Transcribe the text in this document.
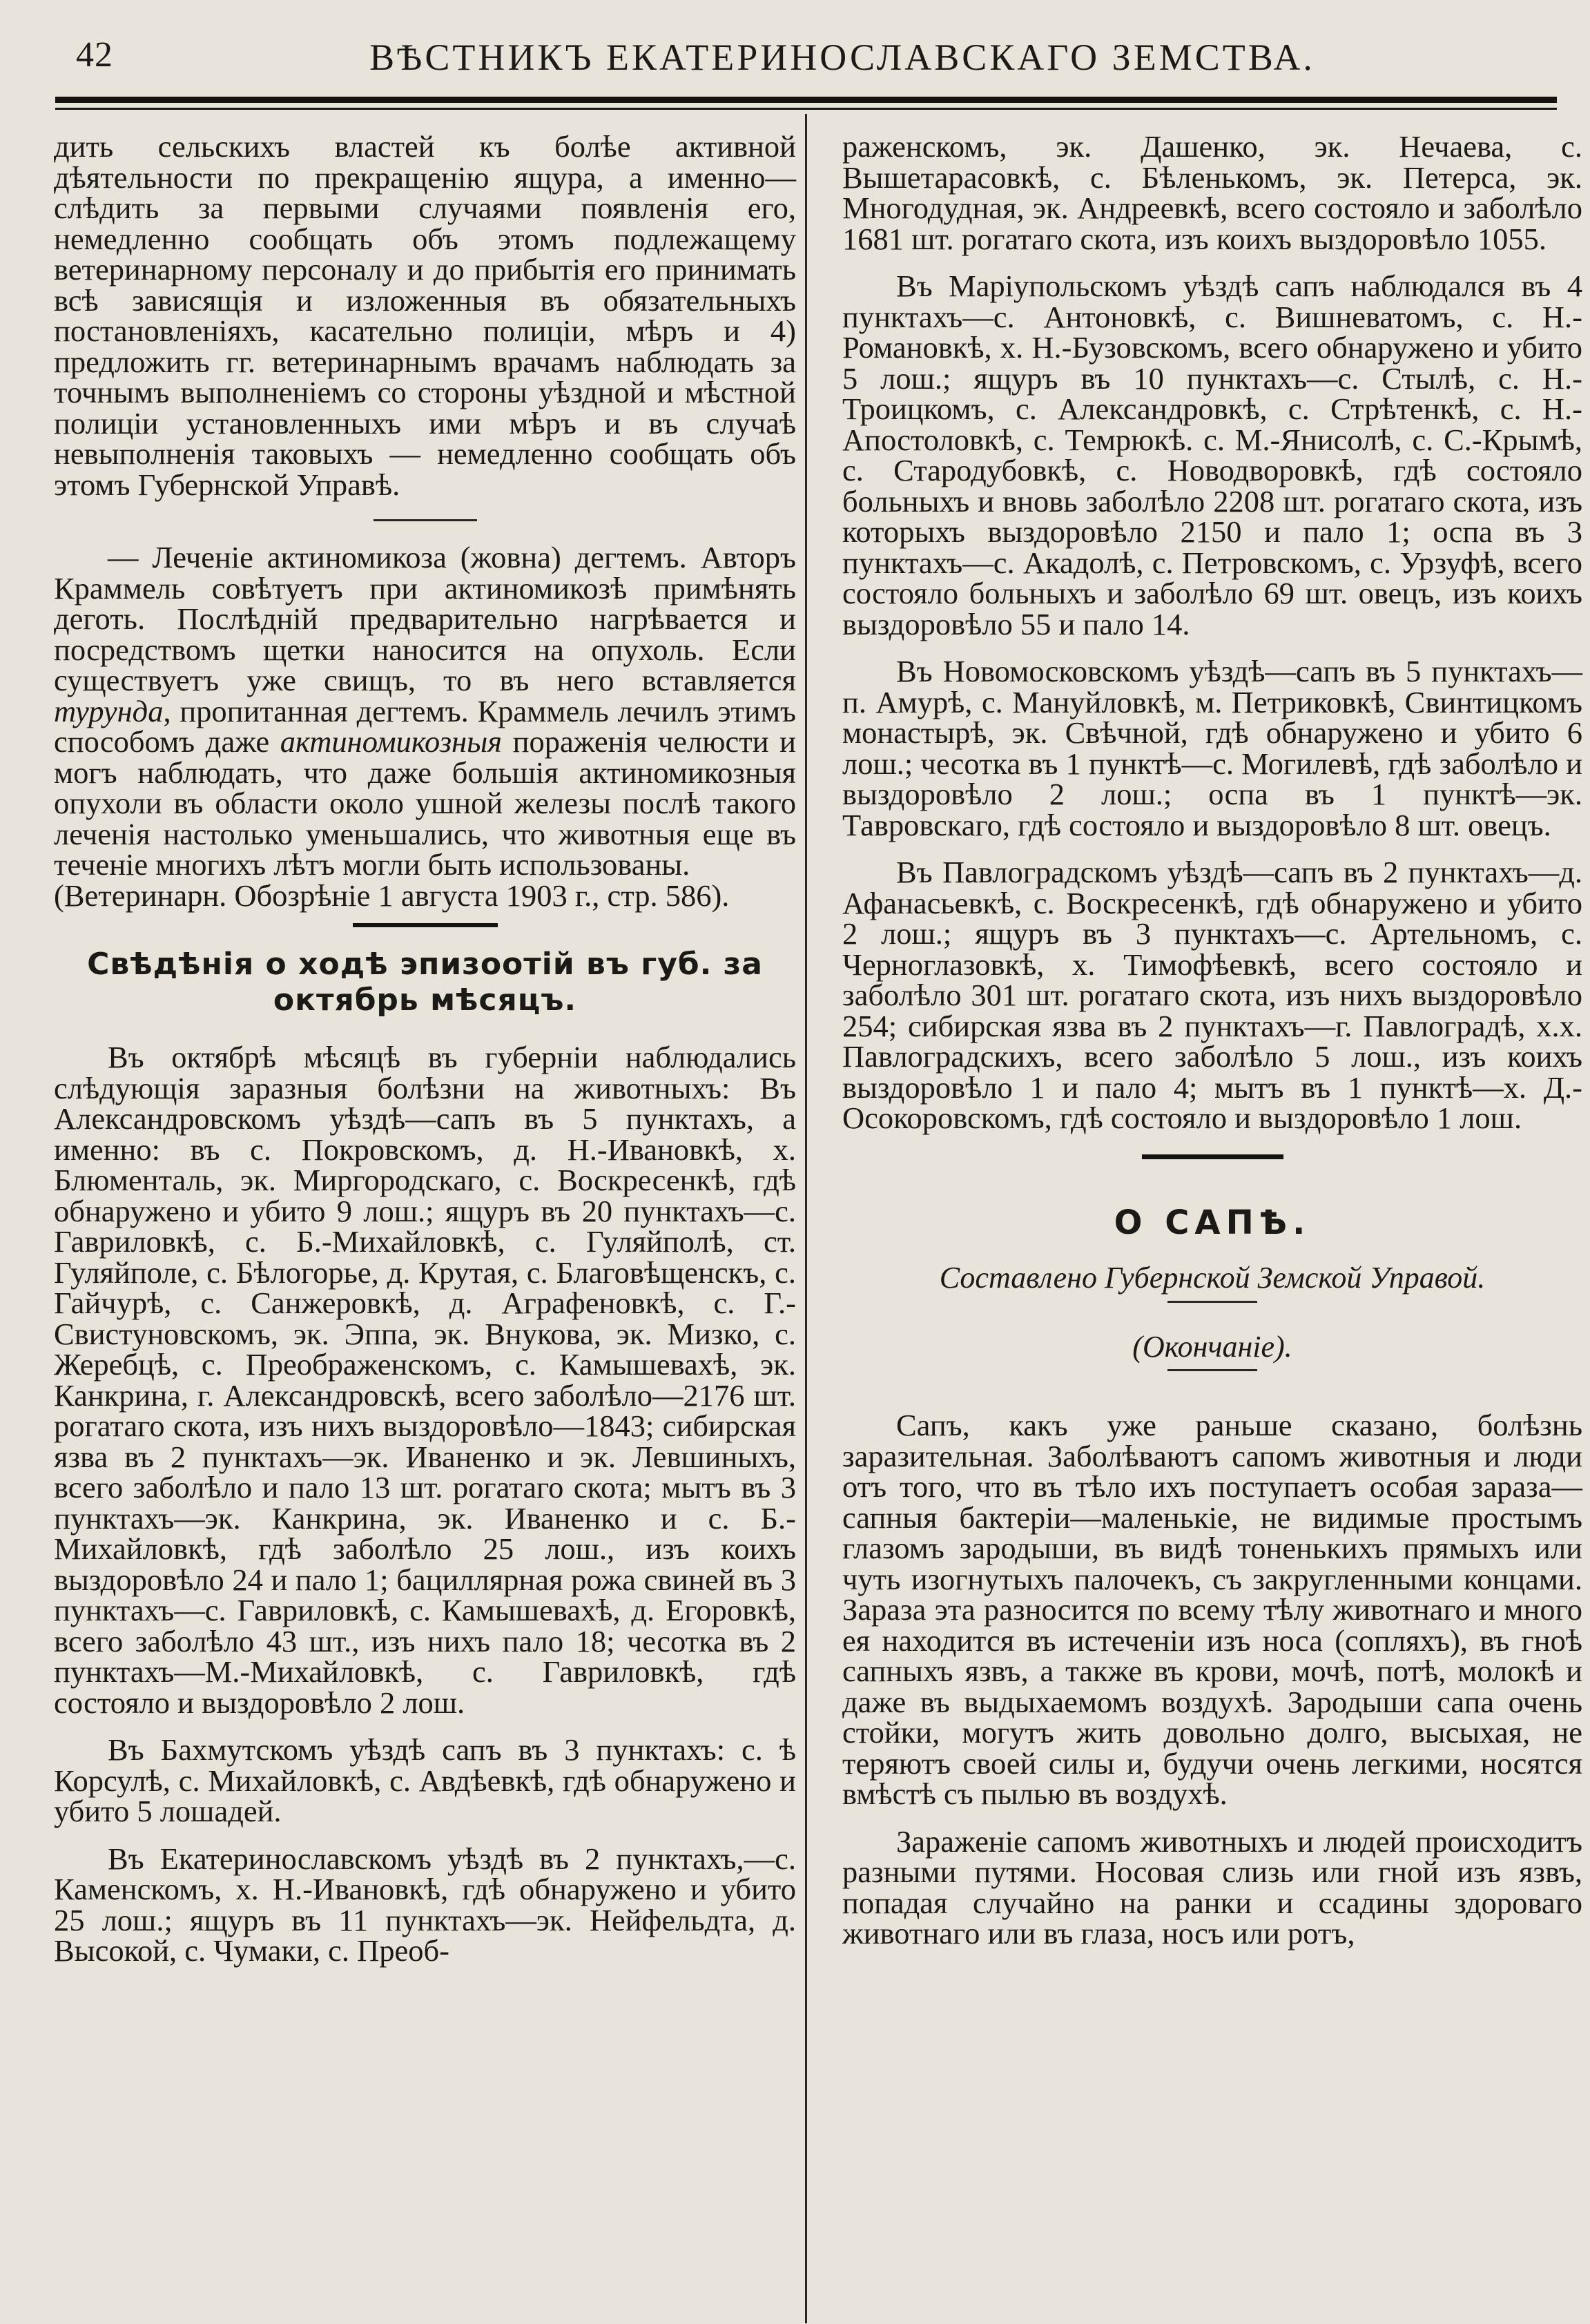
42	ВѢСТНИКЪ ЕКАТЕРИНОСЛАВСКАГО ЗЕМСТВА.

дить сельскихъ властей къ болѣе активной дѣятельности по прекращенію ящура, а именно—слѣдить за первыми случаями появленія его, немедленно сообщать объ этомъ подлежащему ветеринарному персоналу и до прибытія его принимать всѣ зависящія и изложенныя въ обязательныхъ постановленіяхъ, касательно полиціи, мѣръ и 4) предложить гг. ветеринарнымъ врачамъ наблюдать за точнымъ выполненіемъ со стороны уѣздной и мѣстной полиціи установленныхъ ими мѣръ и въ случаѣ невыполненія таковыхъ — немедленно сообщать объ этомъ Губернской Управѣ.

— Леченіе актиномикоза (жовна) дегтемъ. Авторъ Краммель совѣтуетъ при актиномикозѣ примѣнять деготь. Послѣдній предварительно нагрѣвается и посредствомъ щетки наносится на опухоль. Если существуетъ уже свищъ, то въ него вставляется турунда, пропитанная дегтемъ. Краммель лечилъ этимъ способомъ даже актиномикозныя пораженія челюсти и могъ наблюдать, что даже большія актиномикозныя опухоли въ области около ушной железы послѣ такого леченія настолько уменьшались, что животныя еще въ теченіе многихъ лѣтъ могли быть использованы.

(Ветеринарн. Обозрѣніе 1 августа 1903 г., стр. 586).

Свѣдѣнія о ходѣ эпизоотій въ губ. за октябрь мѣсяцъ.

Въ октябрѣ мѣсяцѣ въ губерніи наблюдались слѣдующія заразныя болѣзни на животныхъ: Въ Александровскомъ уѣздѣ—сапъ въ 5 пунктахъ, а именно: въ с. Покровскомъ, д. Н.-Ивановкѣ, х. Блюменталь, эк. Миргородскаго, с. Воскресенкѣ, гдѣ обнаружено и убито 9 лош.; ящуръ въ 20 пунктахъ—с. Гавриловкѣ, с. Б.-Михайловкѣ, с. Гуляйполѣ, ст. Гуляйполе, с. Бѣлогорье, д. Крутая, с. Благовѣщенскъ, с. Гайчурѣ, с. Санжеровкѣ, д. Аграфеновкѣ, с. Г.-Свистуновскомъ, эк. Эппа, эк. Внукова, эк. Мизко, с. Жеребцѣ, с. Преображенскомъ, с. Камышевахѣ, эк. Канкрина, г. Александровскѣ, всего заболѣло—2176 шт. рогатаго скота, изъ нихъ выздоровѣло—1843; сибирская язва въ 2 пунктахъ—эк. Иваненко и эк. Левшиныхъ, всего заболѣло и пало 13 шт. рогатаго скота; мытъ въ 3 пунктахъ—эк. Канкрина, эк. Иваненко и с. Б.-Михайловкѣ, гдѣ заболѣло 25 лош., изъ коихъ выздоровѣло 24 и пало 1; бациллярная рожа свиней въ 3 пунктахъ—с. Гавриловкѣ, с. Камышевахѣ, д. Егоровкѣ, всего заболѣло 43 шт., изъ нихъ пало 18; чесотка въ 2 пунктахъ—М.-Михайловкѣ, с. Гавриловкѣ, гдѣ состояло и выздоровѣло 2 лош.

Въ Бахмутскомъ уѣздѣ сапъ въ 3 пунктахъ: с. ѣ Корсулѣ, с. Михайловкѣ, с. Авдѣевкѣ, гдѣ обнаружено и убито 5 лошадей.

Въ Екатеринославскомъ уѣздѣ въ 2 пунктахъ,—с. Каменскомъ, х. Н.-Ивановкѣ, гдѣ обнаружено и убито 25 лош.; ящуръ въ 11 пунктахъ—эк. Нейфельдта, д. Высокой, с. Чумаки, с. Преоб-

раженскомъ, эк. Дашенко, эк. Нечаева, с. Вышетарасовкѣ, с. Бѣленькомъ, эк. Петерса, эк. Многодудная, эк. Андреевкѣ, всего состояло и заболѣло 1681 шт. рогатаго скота, изъ коихъ выздоровѣло 1055.

Въ Маріупольскомъ уѣздѣ сапъ наблюдался въ 4 пунктахъ—с. Антоновкѣ, с. Вишневатомъ, с. Н.-Романовкѣ, х. Н.-Бузовскомъ, всего обнаружено и убито 5 лош.; ящуръ въ 10 пунктахъ—с. Стылѣ, с. Н.-Троицкомъ, с. Александровкѣ, с. Стрѣтенкѣ, с. Н.-Апостоловкѣ, с. Темрюкѣ. с. М.-Янисолѣ, с. С.-Крымѣ, с. Стародубовкѣ, с. Новодворовкѣ, гдѣ состояло больныхъ и вновь заболѣло 2208 шт. рогатаго скота, изъ которыхъ выздоровѣло 2150 и пало 1; оспа въ 3 пунктахъ—с. Акадолѣ, с. Петровскомъ, с. Урзуфѣ, всего состояло больныхъ и заболѣло 69 шт. овецъ, изъ коихъ выздоровѣло 55 и пало 14.

Въ Новомосковскомъ уѣздѣ—сапъ въ 5 пунктахъ—п. Амурѣ, с. Мануйловкѣ, м. Петриковкѣ, Свинтицкомъ монастырѣ, эк. Свѣчной, гдѣ обнаружено и убито 6 лош.; чесотка въ 1 пунктѣ—с. Могилевѣ, гдѣ заболѣло и выздоровѣло 2 лош.; оспа въ 1 пунктѣ—эк. Тавровскаго, гдѣ состояло и выздоровѣло 8 шт. овецъ.

Въ Павлоградскомъ уѣздѣ—сапъ въ 2 пунктахъ—д. Афанасьевкѣ, с. Воскресенкѣ, гдѣ обнаружено и убито 2 лош.; ящуръ въ 3 пунктахъ—с. Артельномъ, с. Черноглазовкѣ, х. Тимофѣевкѣ, всего состояло и заболѣло 301 шт. рогатаго скота, изъ нихъ выздоровѣло 254; сибирская язва въ 2 пунктахъ—г. Павлоградѣ, х.х. Павлоградскихъ, всего заболѣло 5 лош., изъ коихъ выздоровѣло 1 и пало 4; мытъ въ 1 пунктѣ—х. Д.-Осокоровскомъ, гдѣ состояло и выздоровѣло 1 лош.

О САПѢ.
Составлено Губернской Земской Управой.
(Окончаніе).

Сапъ, какъ уже раньше сказано, болѣзнь заразительная. Заболѣваютъ сапомъ животныя и люди отъ того, что въ тѣло ихъ поступаетъ особая зараза—сапныя бактеріи—маленькіе, не видимые простымъ глазомъ зародыши, въ видѣ тоненькихъ прямыхъ или чуть изогнутыхъ палочекъ, съ закругленными концами. Зараза эта разносится по всему тѣлу животнаго и много ея находится въ истеченіи изъ носа (сопляхъ), въ гноѣ сапныхъ язвъ, а также въ крови, мочѣ, потѣ, молокѣ и даже въ выдыхаемомъ воздухѣ. Зародыши сапа очень стойки, могутъ жить довольно долго, высыхая, не теряютъ своей силы и, будучи очень легкими, носятся вмѣстѣ съ пылью въ воздухѣ.

Зараженіе сапомъ животныхъ и людей происходитъ разными путями. Носовая слизь или гной изъ язвъ, попадая случайно на ранки и ссадины здороваго животнаго или въ глаза, носъ или ротъ,
